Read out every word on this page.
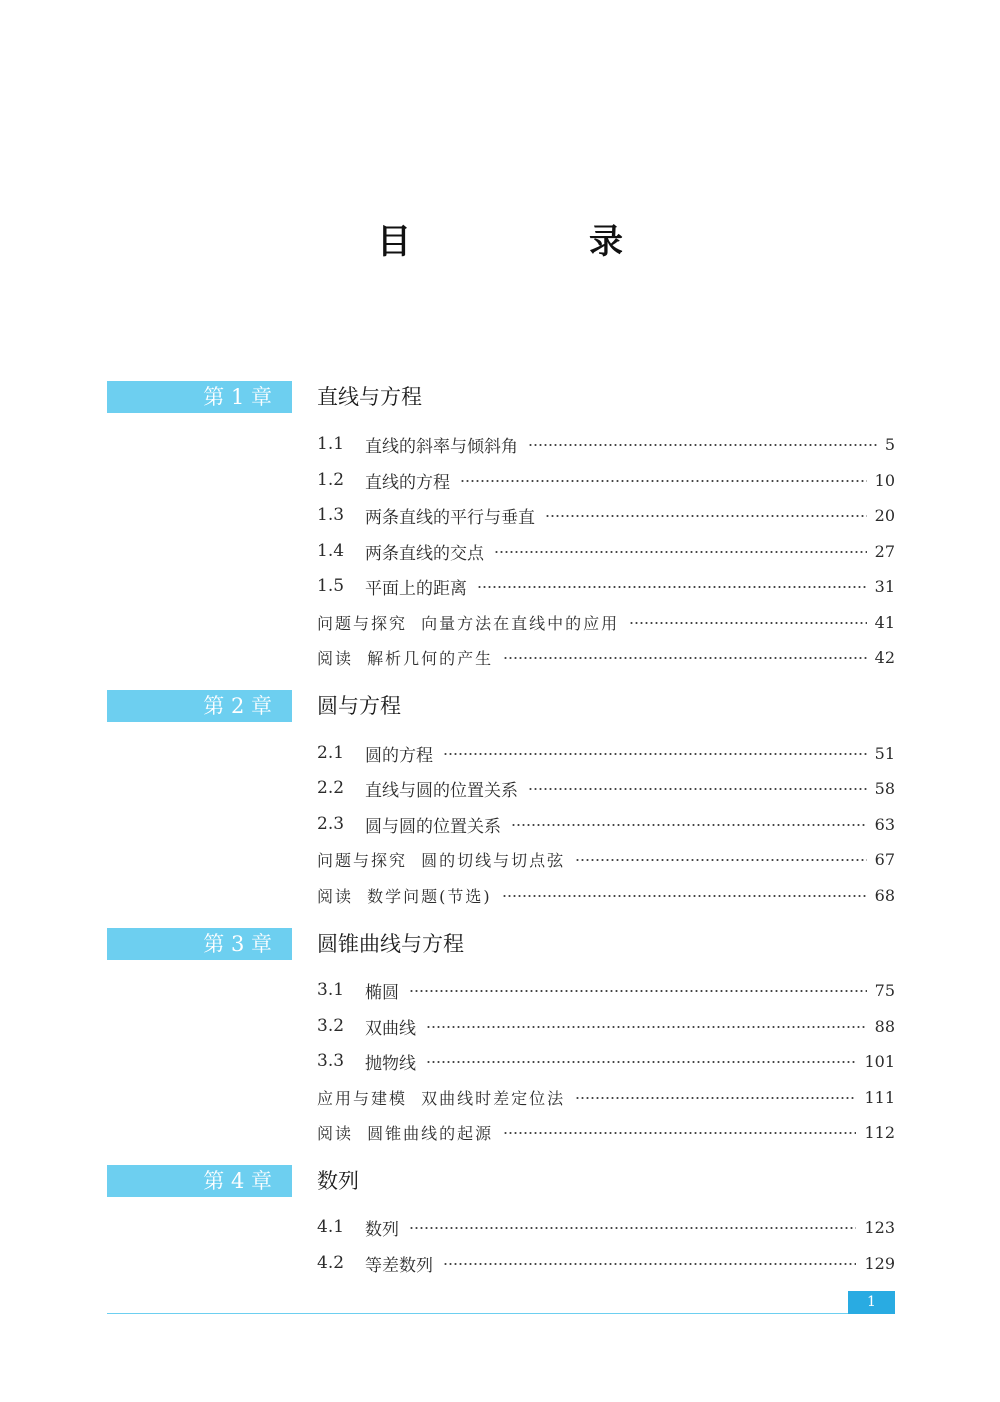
目　录
第 1 章	直线与方程
1.1	直线的斜率与倾斜角	5
1.2	直线的方程	10
1.3	两条直线的平行与垂直	20
1.4	两条直线的交点	27
1.5	平面上的距离	31
问题与探究  向量方法在直线中的应用	41
阅读  解析几何的产生	42
第 2 章	圆与方程
2.1	圆的方程	51
2.2	直线与圆的位置关系	58
2.3	圆与圆的位置关系	63
问题与探究  圆的切线与切点弦	67
阅读  数学问题(节选)	68
第 3 章	圆锥曲线与方程
3.1	椭圆	75
3.2	双曲线	88
3.3	抛物线	101
应用与建模  双曲线时差定位法	111
阅读  圆锥曲线的起源	112
第 4 章	数列
4.1	数列	123
4.2	等差数列	129
1
